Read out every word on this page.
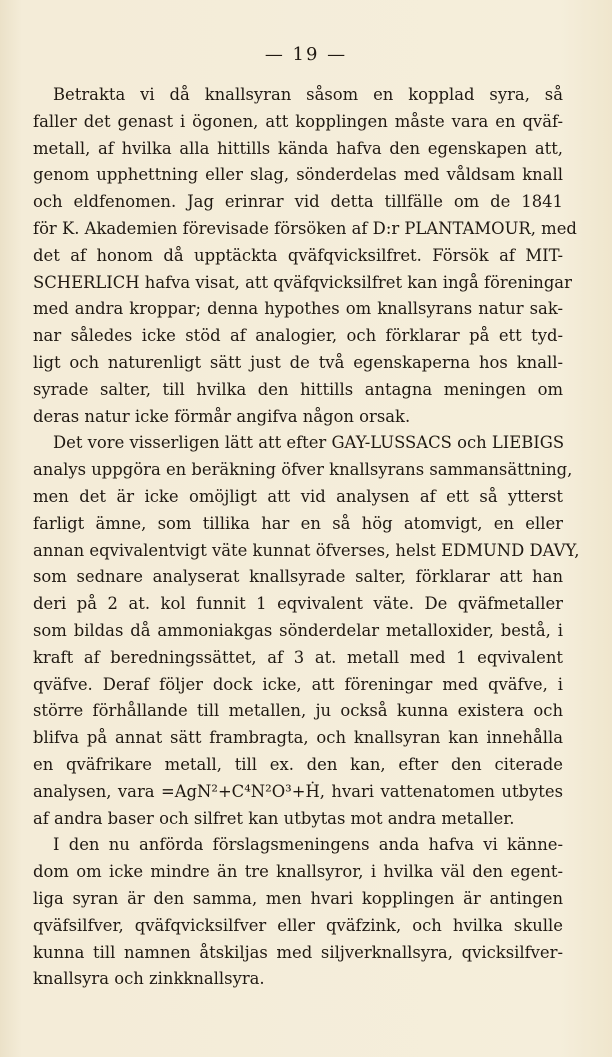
— 19 —
Betrakta vi då knallsyran såsom en kopplad syra, så
faller det genast i ögonen, att kopplingen måste vara en qväf-
metall, af hvilka alla hittills kända hafva den egenskapen att,
genom upphettning eller slag, sönderdelas med våldsam knall
och eldfenomen. Jag erinrar vid detta tillfälle om de 1841
för K. Akademien förevisade försöken af D:r PLANTAMOUR, med
det af honom då upptäckta qväfqvicksilfret. Försök af MIT-
SCHERLICH hafva visat, att qväfqvicksilfret kan ingå föreningar
med andra kroppar; denna hypothes om knallsyrans natur sak-
nar således icke stöd af analogier, och förklarar på ett tyd-
ligt och naturenligt sätt just de två egenskaperna hos knall-
syrade salter, till hvilka den hittills antagna meningen om
deras natur icke förmår angifva någon orsak.
Det vore visserligen lätt att efter GAY-LUSSACS och LIEBIGS
analys uppgöra en beräkning öfver knallsyrans sammansättning,
men det är icke omöjligt att vid analysen af ett så ytterst
farligt ämne, som tillika har en så hög atomvigt, en eller
annan eqvivalentvigt väte kunnat öfverses, helst EDMUND DAVY,
som sednare analyserat knallsyrade salter, förklarar att han
deri på 2 at. kol funnit 1 eqvivalent väte. De qväfmetaller
som bildas då ammoniakgas sönderdelar metalloxider, bestå, i
kraft af beredningssättet, af 3 at. metall med 1 eqvivalent
qväfve. Deraf följer dock icke, att föreningar med qväfve, i
större förhållande till metallen, ju också kunna existera och
blifva på annat sätt frambragta, och knallsyran kan innehålla
en qväfrikare metall, till ex. den kan, efter den citerade
analysen, vara =AgN²+C⁴N²O³+Ḣ, hvari vattenatomen utbytes
af andra baser och silfret kan utbytas mot andra metaller.
I den nu anförda förslagsmeningens anda hafva vi känne-
dom om icke mindre än tre knallsyror, i hvilka väl den egent-
liga syran är den samma, men hvari kopplingen är antingen
qväfsilfver, qväfqvicksilfver eller qväfzink, och hvilka skulle
kunna till namnen åtskiljas med siljverknallsyra, qvicksilfver-
knallsyra och zinkknallsyra.
